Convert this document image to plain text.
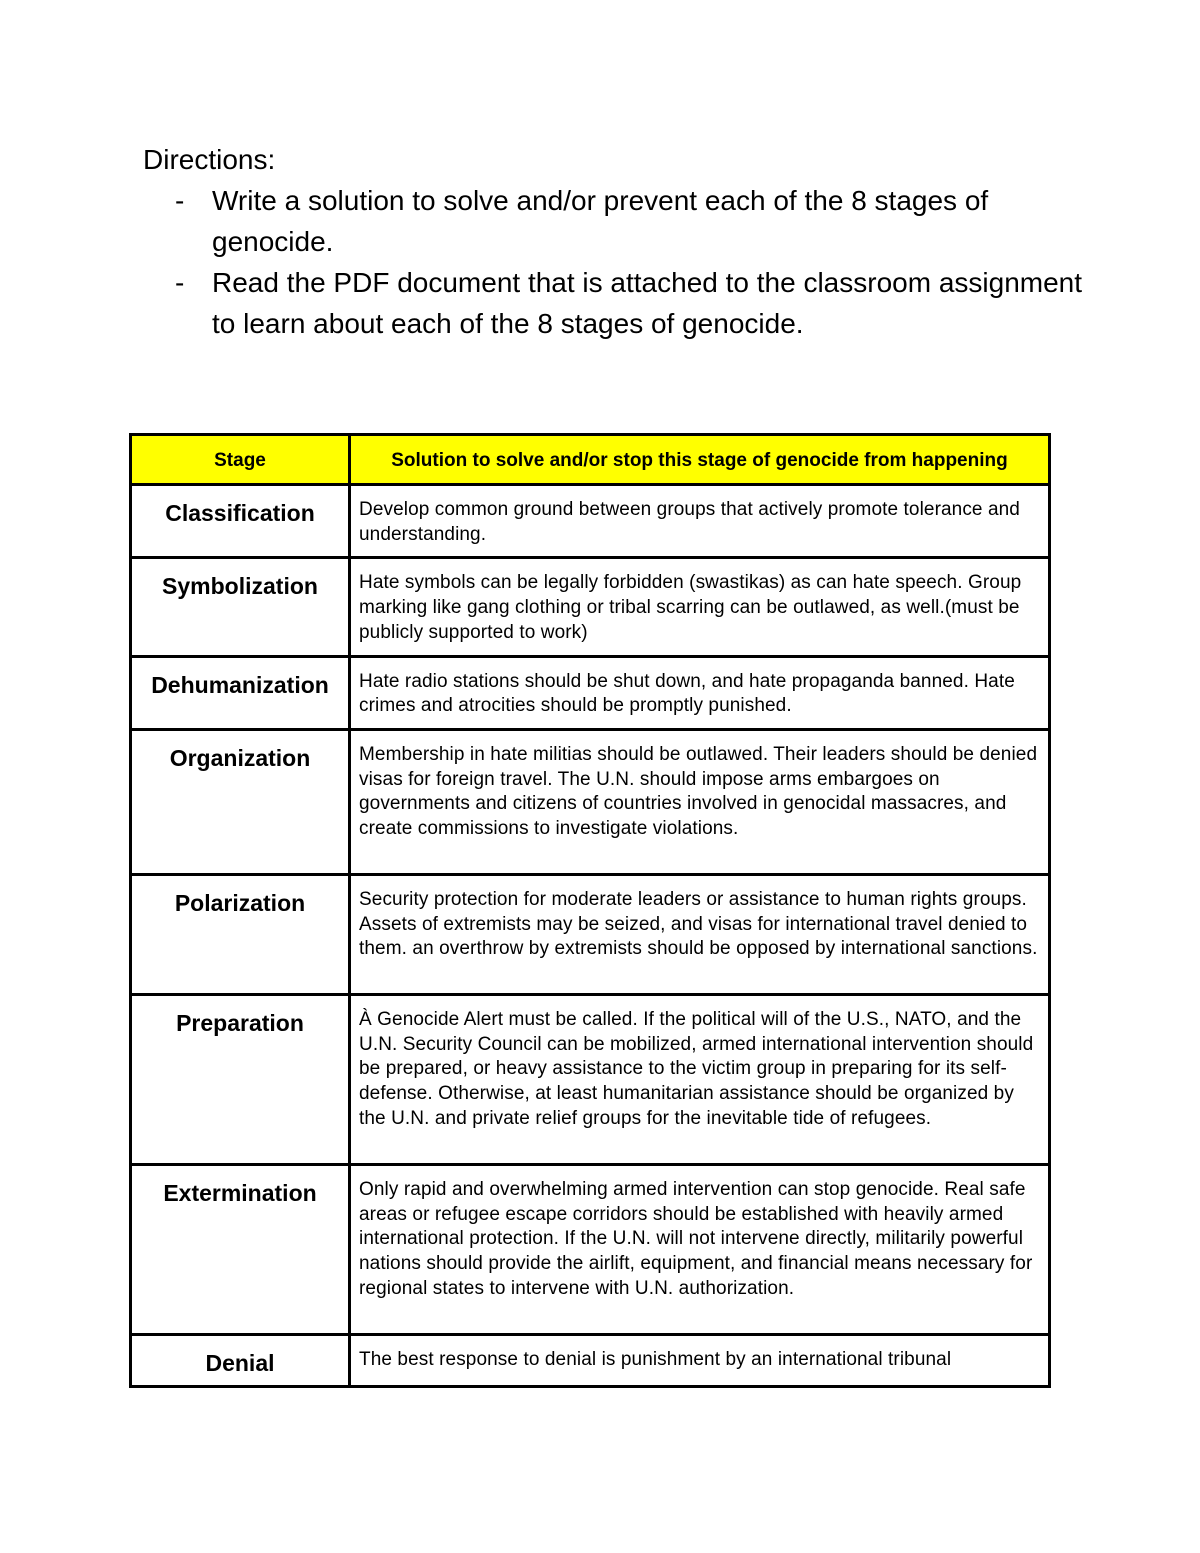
Directions:

- Write a solution to solve and/or prevent each of the 8 stages of genocide.
- Read the PDF document that is attached to the classroom assignment to learn about each of the 8 stages of genocide.
Stage	Solution to solve and/or stop this stage of genocide from happening
Classification	Develop common ground between groups that actively promote tolerance and understanding.
Symbolization	Hate symbols can be legally forbidden (swastikas) as can hate speech. Group marking like gang clothing or tribal scarring can be outlawed, as well.(must be publicly supported to work)
Dehumanization	Hate radio stations should be shut down, and hate propaganda banned. Hate crimes and atrocities should be promptly punished.
Organization	Membership in hate militias should be outlawed. Their leaders should be denied visas for foreign travel. The U.N. should impose arms embargoes on governments and citizens of countries involved in genocidal massacres, and create commissions to investigate violations.
Polarization	Security protection for moderate leaders or assistance to human rights groups. Assets of extremists may be seized, and visas for international travel denied to them. an overthrow by extremists should be opposed by international sanctions.
Preparation	À Genocide Alert must be called. If the political will of the U.S., NATO, and the U.N. Security Council can be mobilized, armed international intervention should be prepared, or heavy assistance to the victim group in preparing for its self-defense. Otherwise, at least humanitarian assistance should be organized by the U.N. and private relief groups for the inevitable tide of refugees.
Extermination	Only rapid and overwhelming armed intervention can stop genocide. Real safe areas or refugee escape corridors should be established with heavily armed international protection. If the U.N. will not intervene directly, militarily powerful nations should provide the airlift, equipment, and financial means necessary for regional states to intervene with U.N. authorization.
Denial	The best response to denial is punishment by an international tribunal
